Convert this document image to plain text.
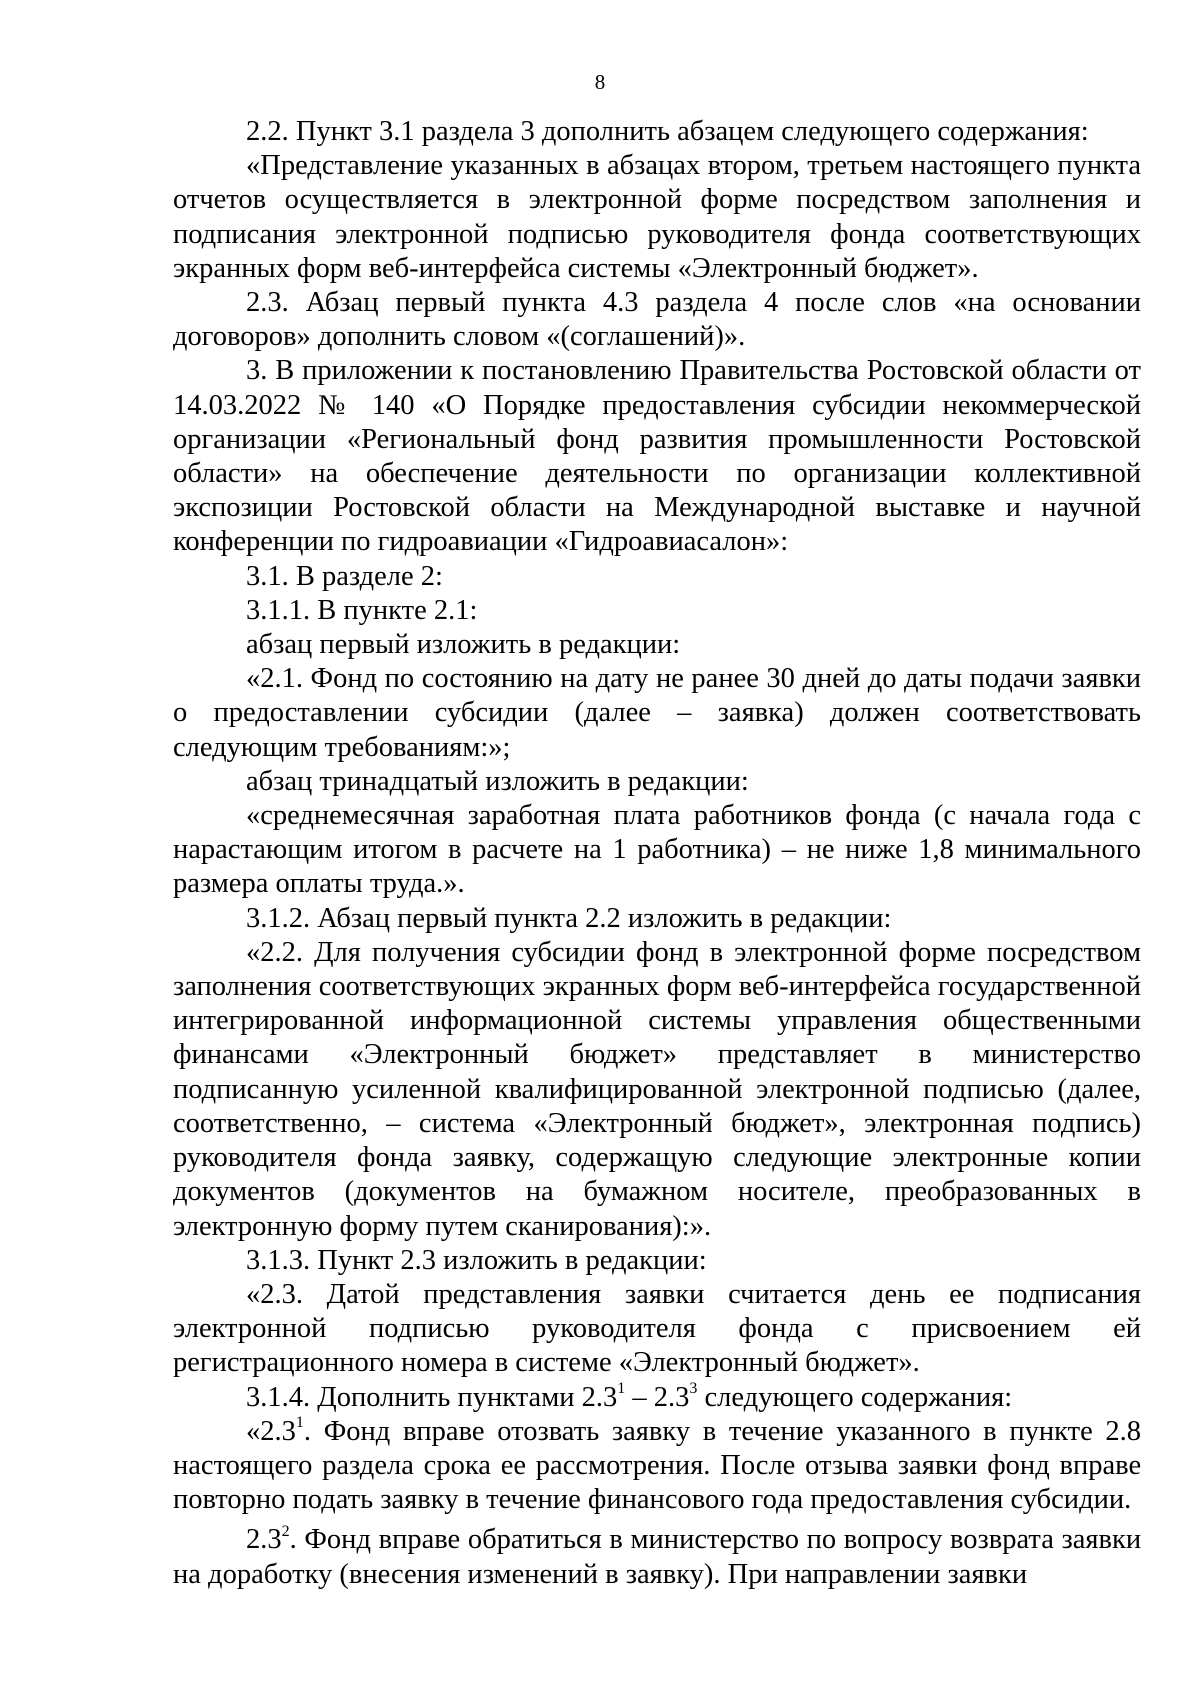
8

2.2. Пункт 3.1 раздела 3 дополнить абзацем следующего содержания:

«Представление указанных в абзацах втором, третьем настоящего пункта отчетов осуществляется в электронной форме посредством заполнения и подписания электронной подписью руководителя фонда соответствующих экранных форм веб-интерфейса системы «Электронный бюджет».

2.3. Абзац первый пункта 4.3 раздела 4 после слов «на основании договоров» дополнить словом «(соглашений)».

3. В приложении к постановлению Правительства Ростовской области от 14.03.2022 № 140 «О Порядке предоставления субсидии некоммерческой организации «Региональный фонд развития промышленности Ростовской области» на обеспечение деятельности по организации коллективной экспозиции Ростовской области на Международной выставке и научной конференции по гидроавиации «Гидроавиасалон»:

3.1. В разделе 2:

3.1.1. В пункте 2.1:

абзац первый изложить в редакции:

«2.1. Фонд по состоянию на дату не ранее 30 дней до даты подачи заявки о предоставлении субсидии (далее – заявка) должен соответствовать следующим требованиям:»;

абзац тринадцатый изложить в редакции:

«среднемесячная заработная плата работников фонда (с начала года с нарастающим итогом в расчете на 1 работника) – не ниже 1,8 минимального размера оплаты труда.».

3.1.2. Абзац первый пункта 2.2 изложить в редакции:

«2.2. Для получения субсидии фонд в электронной форме посредством заполнения соответствующих экранных форм веб-интерфейса государственной интегрированной информационной системы управления общественными финансами «Электронный бюджет» представляет в министерство подписанную усиленной квалифицированной электронной подписью (далее, соответственно, – система «Электронный бюджет», электронная подпись) руководителя фонда заявку, содержащую следующие электронные копии документов (документов на бумажном носителе, преобразованных в электронную форму путем сканирования):».

3.1.3. Пункт 2.3 изложить в редакции:

«2.3. Датой представления заявки считается день ее подписания электронной подписью руководителя фонда с присвоением ей регистрационного номера в системе «Электронный бюджет».

3.1.4. Дополнить пунктами $2.3^1 - 2.3^3$ следующего содержания:

«$2.3^1$. Фонд вправе отозвать заявку в течение указанного в пункте 2.8 настоящего раздела срока ее рассмотрения. После отзыва заявки фонд вправе повторно подать заявку в течение финансового года предоставления субсидии.

$2.3^2$. Фонд вправе обратиться в министерство по вопросу возврата заявки на доработку (внесения изменений в заявку). При направлении заявки
